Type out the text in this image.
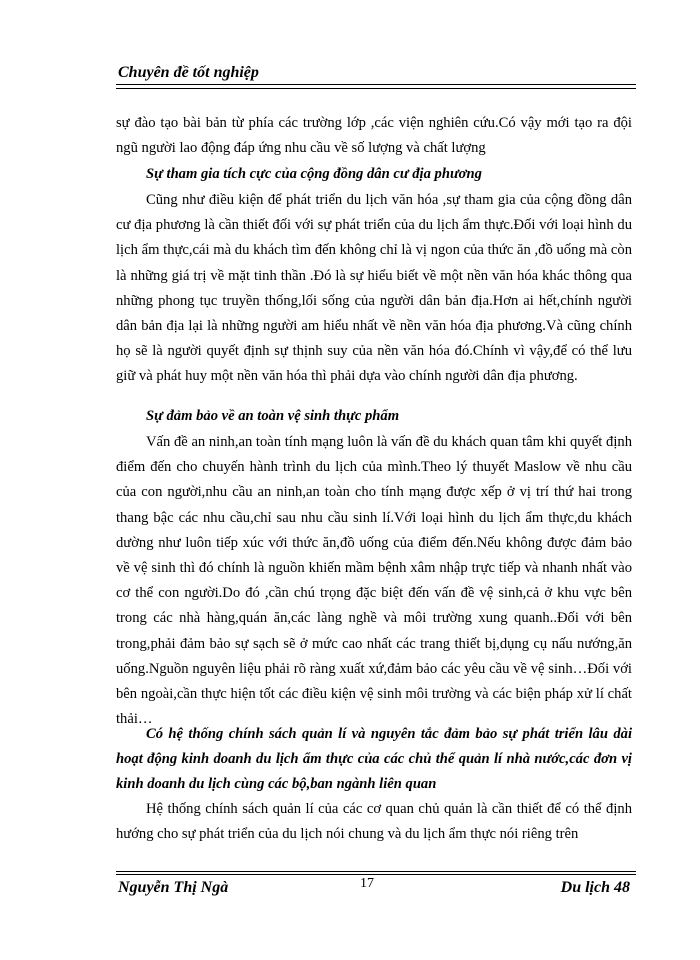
Chuyên đề tốt nghiệp
sự đào tạo bài bản từ phía các trường lớp ,các viện nghiên cứu.Có vậy mới tạo ra đội ngũ người lao động đáp ứng nhu cầu về số lượng và chất lượng
Sự tham gia tích cực của cộng đồng dân cư địa phương
Cũng như điều kiện để phát triển du lịch văn hóa ,sự tham gia của cộng đồng dân cư địa phương là cần thiết đối với sự phát triển của du lịch ẩm thực.Đối với loại hình du lịch ẩm thực,cái mà du khách tìm đến không chỉ là vị ngon của thức ăn ,đồ uống mà còn là những giá trị về mặt tinh thần .Đó là sự hiểu biết về một nền văn hóa khác thông qua những phong tục truyền thống,lối sống của người dân bản địa.Hơn ai hết,chính người dân bản địa lại là những người am hiểu nhất về nền văn hóa địa phương.Và cũng chính họ sẽ là người quyết định sự thịnh suy của nền văn hóa đó.Chính vì vậy,để có thể lưu giữ và phát huy một nền văn hóa thì phải dựa vào chính người dân địa phương.
Sự đảm bảo về an toàn vệ sinh thực phẩm
Vấn đề an ninh,an toàn tính mạng luôn là vấn đề du khách quan tâm khi quyết định điểm đến cho chuyến hành trình du lịch của mình.Theo lý thuyết Maslow về nhu cầu của con người,nhu cầu an ninh,an toàn cho tính mạng được xếp ở vị trí thứ hai trong thang bậc các nhu cầu,chỉ sau nhu cầu sinh lí.Với loại hình du lịch ẩm thực,du khách dường như luôn tiếp xúc với thức ăn,đồ uống của điểm đến.Nếu không được đảm bảo về vệ sinh thì đó chính là nguồn khiến mầm bệnh xâm nhập trực tiếp và nhanh nhất vào cơ thể con người.Do đó ,cần chú trọng đặc biệt đến vấn đề vệ sinh,cả ở khu vực bên trong các nhà hàng,quán ăn,các làng nghề và môi trường xung quanh..Đối với bên trong,phải đảm bảo sự sạch sẽ ở mức cao nhất các trang thiết bị,dụng cụ nấu nướng,ăn uống.Nguồn nguyên liệu phải rõ ràng xuất xứ,đảm bảo các yêu cầu về vệ sinh…Đối với bên ngoài,cần thực hiện tốt các điều kiện vệ sinh môi trường và các biện pháp xử lí chất thải…
Có hệ thống chính sách quản lí và nguyên tắc đảm bảo sự phát triển lâu dài hoạt động kinh doanh du lịch ẩm thực của các chủ thể quản lí nhà nước,các đơn vị kinh doanh du lịch cùng các bộ,ban ngành liên quan
Hệ thống chính sách quản lí của các cơ quan chủ quản là cần thiết để có thể định hướng cho sự phát triển của du lịch nói chung và du lịch ẩm thực nói riêng trên
Nguyễn Thị Ngà	17	Du lịch 48
